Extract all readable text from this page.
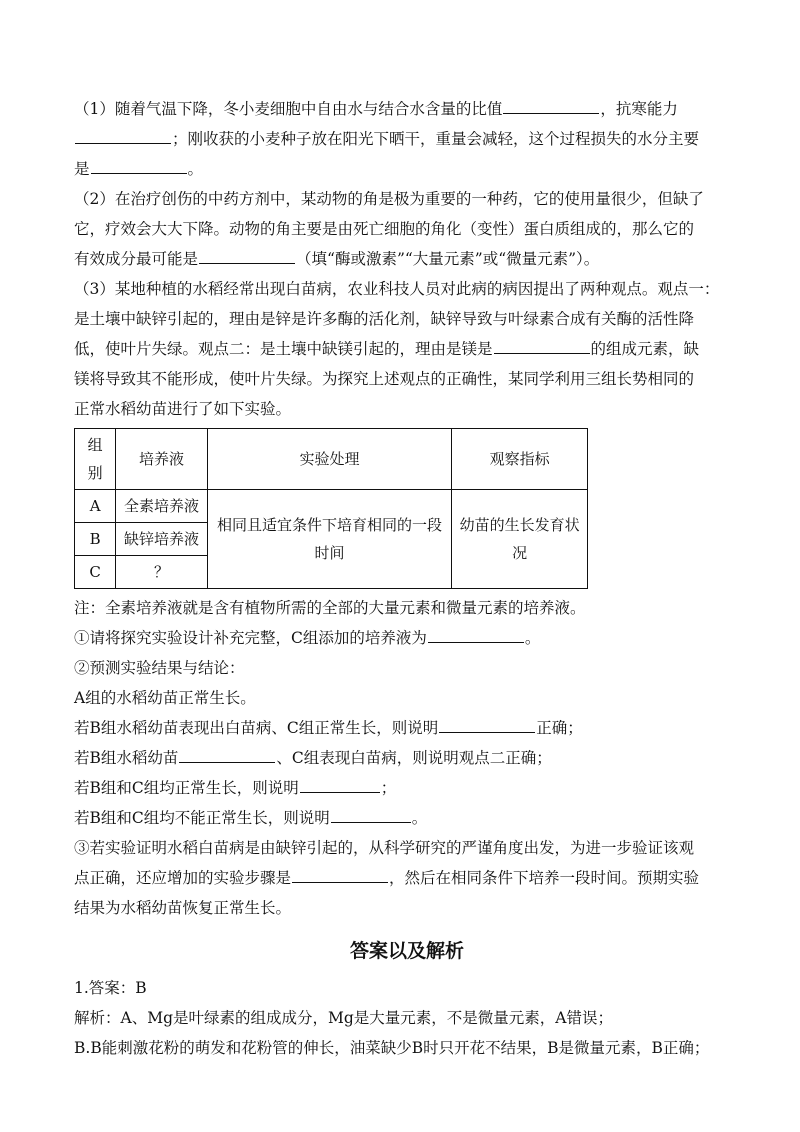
（1）随着气温下降，冬小麦细胞中自由水与结合水含量的比值	，抗寒能力

；刚收获的小麦种子放在阳光下晒干，重量会减轻，这个过程损失的水分主要

是	。

（2）在治疗创伤的中药方剂中，某动物的角是极为重要的一种药，它的使用量很少，但缺了

它，疗效会大大下降。动物的角主要是由死亡细胞的角化（变性）蛋白质组成的，那么它的

有效成分最可能是	（填“酶或激素”“大量元素”或“微量元素”）。

（3）某地种植的水稻经常出现白苗病，农业科技人员对此病的病因提出了两种观点。观点一：

是土壤中缺锌引起的，理由是锌是许多酶的活化剂，缺锌导致与叶绿素合成有关酶的活性降

低，使叶片失绿。观点二：是土壤中缺镁引起的，理由是镁是	的组成元素，缺

镁将导致其不能形成，使叶片失绿。为探究上述观点的正确性，某同学利用三组长势相同的

正常水稻幼苗进行了如下实验。

组别	培养液	实验处理	观察指标
A	全素培养液	相同且适宜条件下培育相同的一段时间	幼苗的生长发育状况
B	缺锌培养液		
C	？		

注：全素培养液就是含有植物所需的全部的大量元素和微量元素的培养液。

①请将探究实验设计补充完整，C组添加的培养液为	。

②预测实验结果与结论：

A组的水稻幼苗正常生长。

若B组水稻幼苗表现出白苗病、C组正常生长，则说明	正确；

若B组水稻幼苗	、C组表现白苗病，则说明观点二正确；

若B组和C组均正常生长，则说明	；

若B组和C组均不能正常生长，则说明	。

③若实验证明水稻白苗病是由缺锌引起的，从科学研究的严谨角度出发，为进一步验证该观

点正确，还应增加的实验步骤是	，然后在相同条件下培养一段时间。预期实验

结果为水稻幼苗恢复正常生长。

答案以及解析

1.答案：B

解析：A、Mg是叶绿素的组成成分，Mg是大量元素，不是微量元素，A错误；

B.B能刺激花粉的萌发和花粉管的伸长，油菜缺少B时只开花不结果，B是微量元素，B正确；
